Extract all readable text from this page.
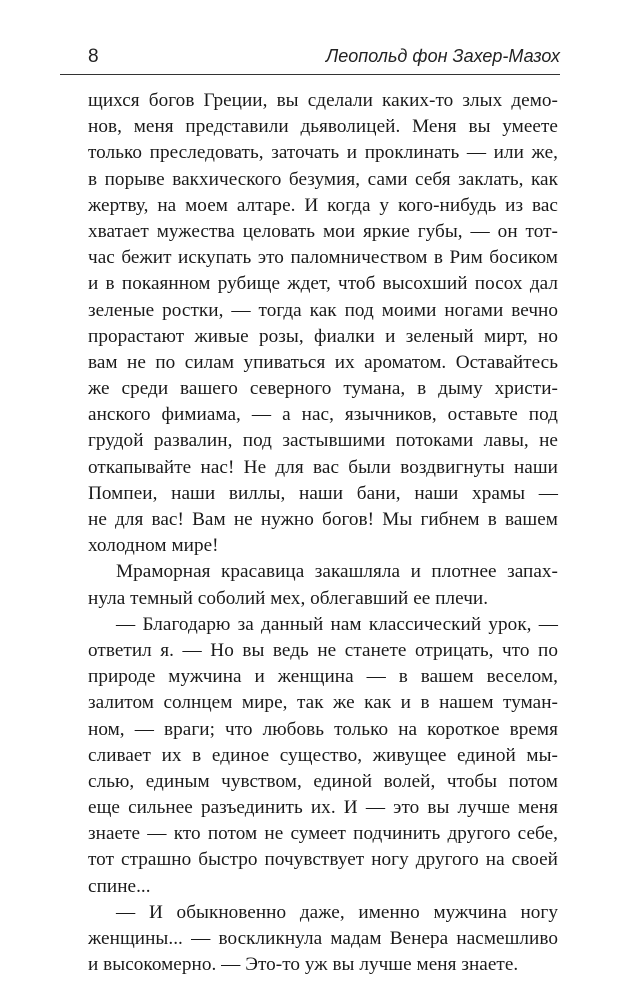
8	Леопольд фон Захер-Мазох
щихся богов Греции, вы сделали каких-то злых демо-
нов, меня представили дьяволицей. Меня вы умеете
только преследовать, заточать и проклинать — или же,
в порыве вакхического безумия, сами себя заклать, как
жертву, на моем алтаре. И когда у кого-нибудь из вас
хватает мужества целовать мои яркие губы, — он тот-
час бежит искупать это паломничеством в Рим босиком
и в покаянном рубище ждет, чтоб высохший посох дал
зеленые ростки, — тогда как под моими ногами вечно
прорастают живые розы, фиалки и зеленый мирт, но
вам не по силам упиваться их ароматом. Оставайтесь
же среди вашего северного тумана, в дыму христи-
анского фимиама, — а нас, язычников, оставьте под
грудой развалин, под застывшими потоками лавы, не
откапывайте нас! Не для вас были воздвигнуты наши
Помпеи, наши виллы, наши бани, наши храмы —
не для вас! Вам не нужно богов! Мы гибнем в вашем
холодном мире!
Мраморная красавица закашляла и плотнее запах-
нула темный соболий мех, облегавший ее плечи.
— Благодарю за данный нам классический урок, —
ответил я. — Но вы ведь не станете отрицать, что по
природе мужчина и женщина — в вашем веселом,
залитом солнцем мире, так же как и в нашем туман-
ном, — враги; что любовь только на короткое время
сливает их в единое существо, живущее единой мы-
слью, единым чувством, единой волей, чтобы потом
еще сильнее разъединить их. И — это вы лучше меня
знаете — кто потом не сумеет подчинить другого себе,
тот страшно быстро почувствует ногу другого на своей
спине...
— И обыкновенно даже, именно мужчина ногу
женщины... — воскликнула мадам Венера насмешливо
и высокомерно. — Это-то уж вы лучше меня знаете.
